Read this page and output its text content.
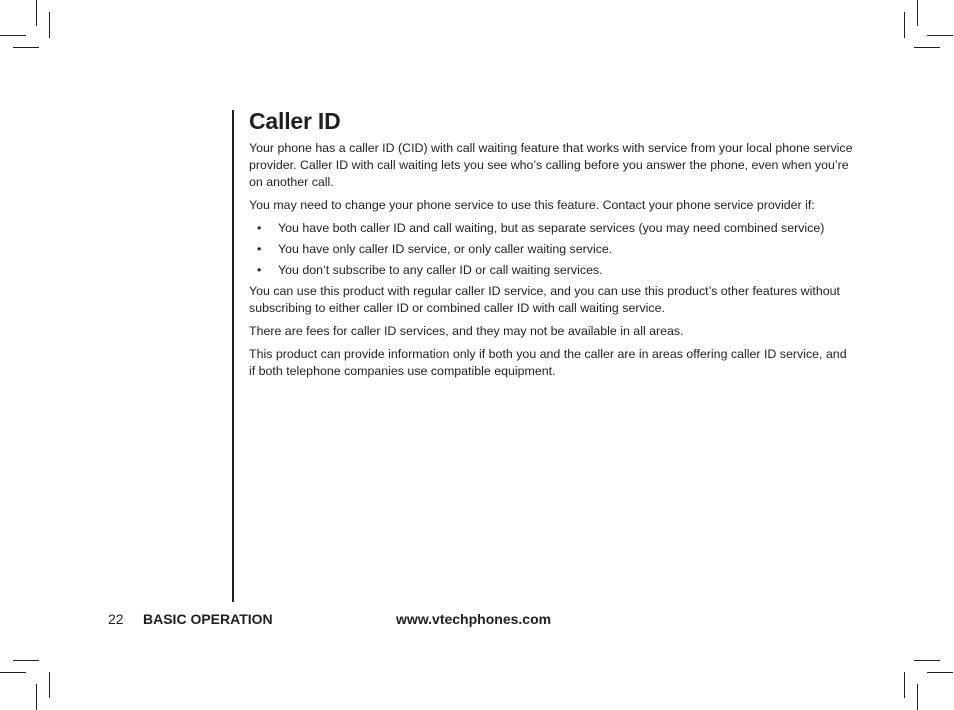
Caller ID

Your phone has a caller ID (CID) with call waiting feature that works with service from your local phone service provider. Caller ID with call waiting lets you see who’s calling before you answer the phone, even when you’re on another call.

You may need to change your phone service to use this feature. Contact your phone service provider if:

• You have both caller ID and call waiting, but as separate services (you may need combined service)
• You have only caller ID service, or only caller waiting service.
• You don’t subscribe to any caller ID or call waiting services.

You can use this product with regular caller ID service, and you can use this product’s other features without subscribing to either caller ID or combined caller ID with call waiting service.

There are fees for caller ID services, and they may not be available in all areas.

This product can provide information only if both you and the caller are in areas offering caller ID service, and if both telephone companies use compatible equipment.

22 BASIC OPERATION	www.vtechphones.com
